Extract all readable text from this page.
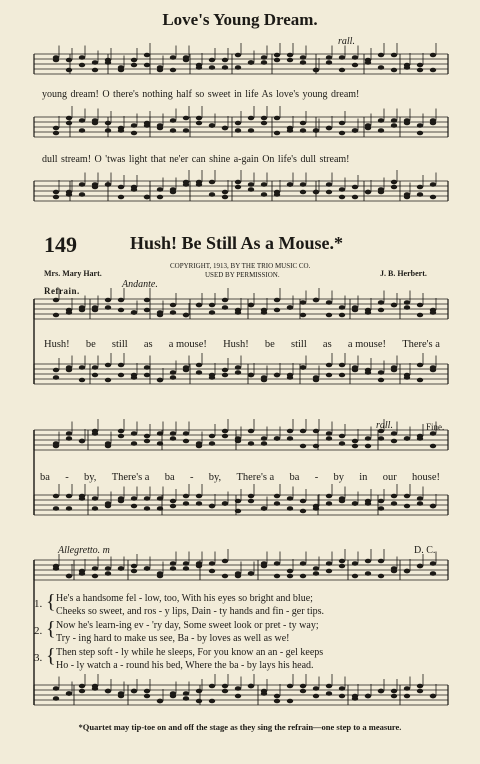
Love's Young Dream.
rall.
young dream! O there's nothing half so sweet in life As love's young dream!
dull stream! O 'twas light that ne'er can shine a-gain On life's dull stream!
149	Hush! Be Still As a Mouse.*
COPYRIGHT, 1913, BY THE TRIO MUSIC CO.
USED BY PERMISSION.
Mrs. Mary Hart.	J. B. Herbert.
Refrain.
Andante.
Hush! be still as a mouse! Hush! be still as a mouse! There's a
rall.	Fine.
ba - by, There's a ba - by, There's a ba - by in our house!
Allegretto. m	D. C.
1. { He's a handsome fel - low, too, With his eyes so bright and blue;
Cheeks so sweet, and ros - y lips, Dain - ty hands and fin - ger tips.
2. { Now he's learn-ing ev - 'ry day, Some sweet look or pret - ty way;
Try - ing hard to make us see, Ba - by loves as well as we!
3. { Then step soft - ly while he sleeps, For you know an an - gel keeps
Ho - ly watch a - round his bed, Where the ba - by lays his head.
*Quartet may tip-toe on and off the stage as they sing the refrain—one step to a measure.
